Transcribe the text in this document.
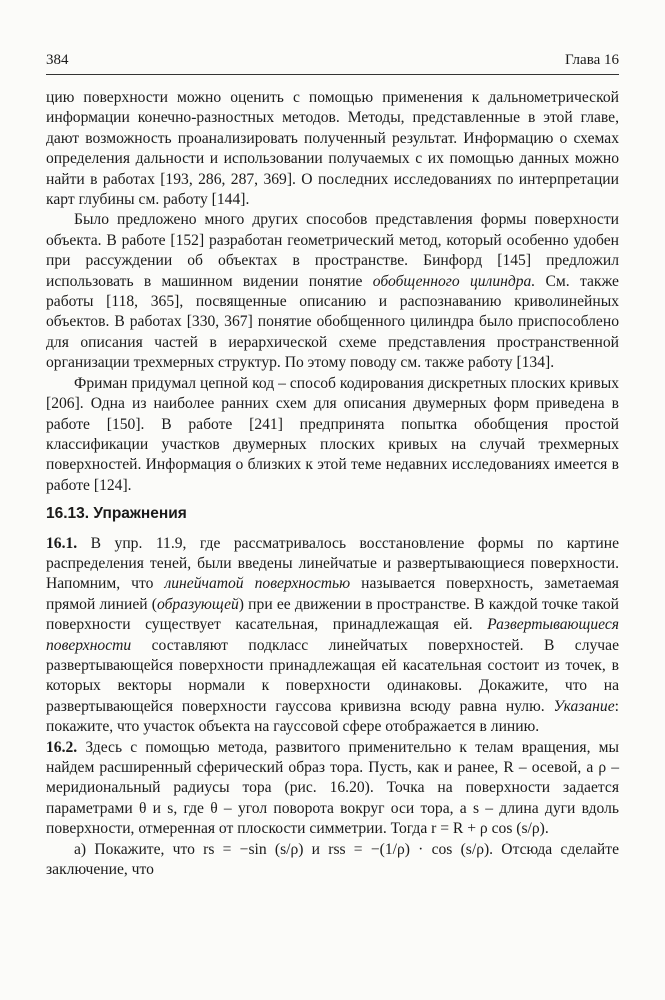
384	Глава 16

цию поверхности можно оценить с помощью применения к дальнометрической информации конечно-разностных методов. Методы, представленные в этой главе, дают возможность проанализировать полученный результат. Информацию о схемах определения дальности и использовании получаемых с их помощью данных можно найти в работах [193, 286, 287, 369]. О последних исследованиях по интерпретации карт глубины см. работу [144].

Было предложено много других способов представления формы поверхности объекта. В работе [152] разработан геометрический метод, который особенно удобен при рассуждении об объектах в пространстве. Бинфорд [145] предложил использовать в машинном видении понятие обобщенного цилиндра. См. также работы [118, 365], посвященные описанию и распознаванию криволинейных объектов. В работах [330, 367] понятие обобщенного цилиндра было приспособлено для описания частей в иерархической схеме представления пространственной организации трехмерных структур. По этому поводу см. также работу [134].

Фриман придумал цепной код – способ кодирования дискретных плоских кривых [206]. Одна из наиболее ранних схем для описания двумерных форм приведена в работе [150]. В работе [241] предпринята попытка обобщения простой классификации участков двумерных плоских кривых на случай трехмерных поверхностей. Информация о близких к этой теме недавних исследованиях имеется в работе [124].

16.13. Упражнения

16.1. В упр. 11.9, где рассматривалось восстановление формы по картине распределения теней, были введены линейчатые и развертывающиеся поверхности. Напомним, что линейчатой поверхностью называется поверхность, заметаемая прямой линией (образующей) при ее движении в пространстве. В каждой точке такой поверхности существует касательная, принадлежащая ей. Развертывающиеся поверхности составляют подкласс линейчатых поверхностей. В случае развертывающейся поверхности принадлежащая ей касательная состоит из точек, в которых векторы нормали к поверхности одинаковы. Докажите, что на развертывающейся поверхности гауссова кривизна всюду равна нулю. Указание: покажите, что участок объекта на гауссовой сфере отображается в линию.

16.2. Здесь с помощью метода, развитого применительно к телам вращения, мы найдем расширенный сферический образ тора. Пусть, как и ранее, R – осевой, а ρ – меридиональный радиусы тора (рис. 16.20). Точка на поверхности задается параметрами θ и s, где θ – угол поворота вокруг оси тора, а s – длина дуги вдоль поверхности, отмеренная от плоскости симметрии. Тогда r = R + ρ cos (s/ρ).

а) Покажите, что rs = −sin (s/ρ) и rss = −(1/ρ) · cos (s/ρ). Отсюда сделайте заключение, что
